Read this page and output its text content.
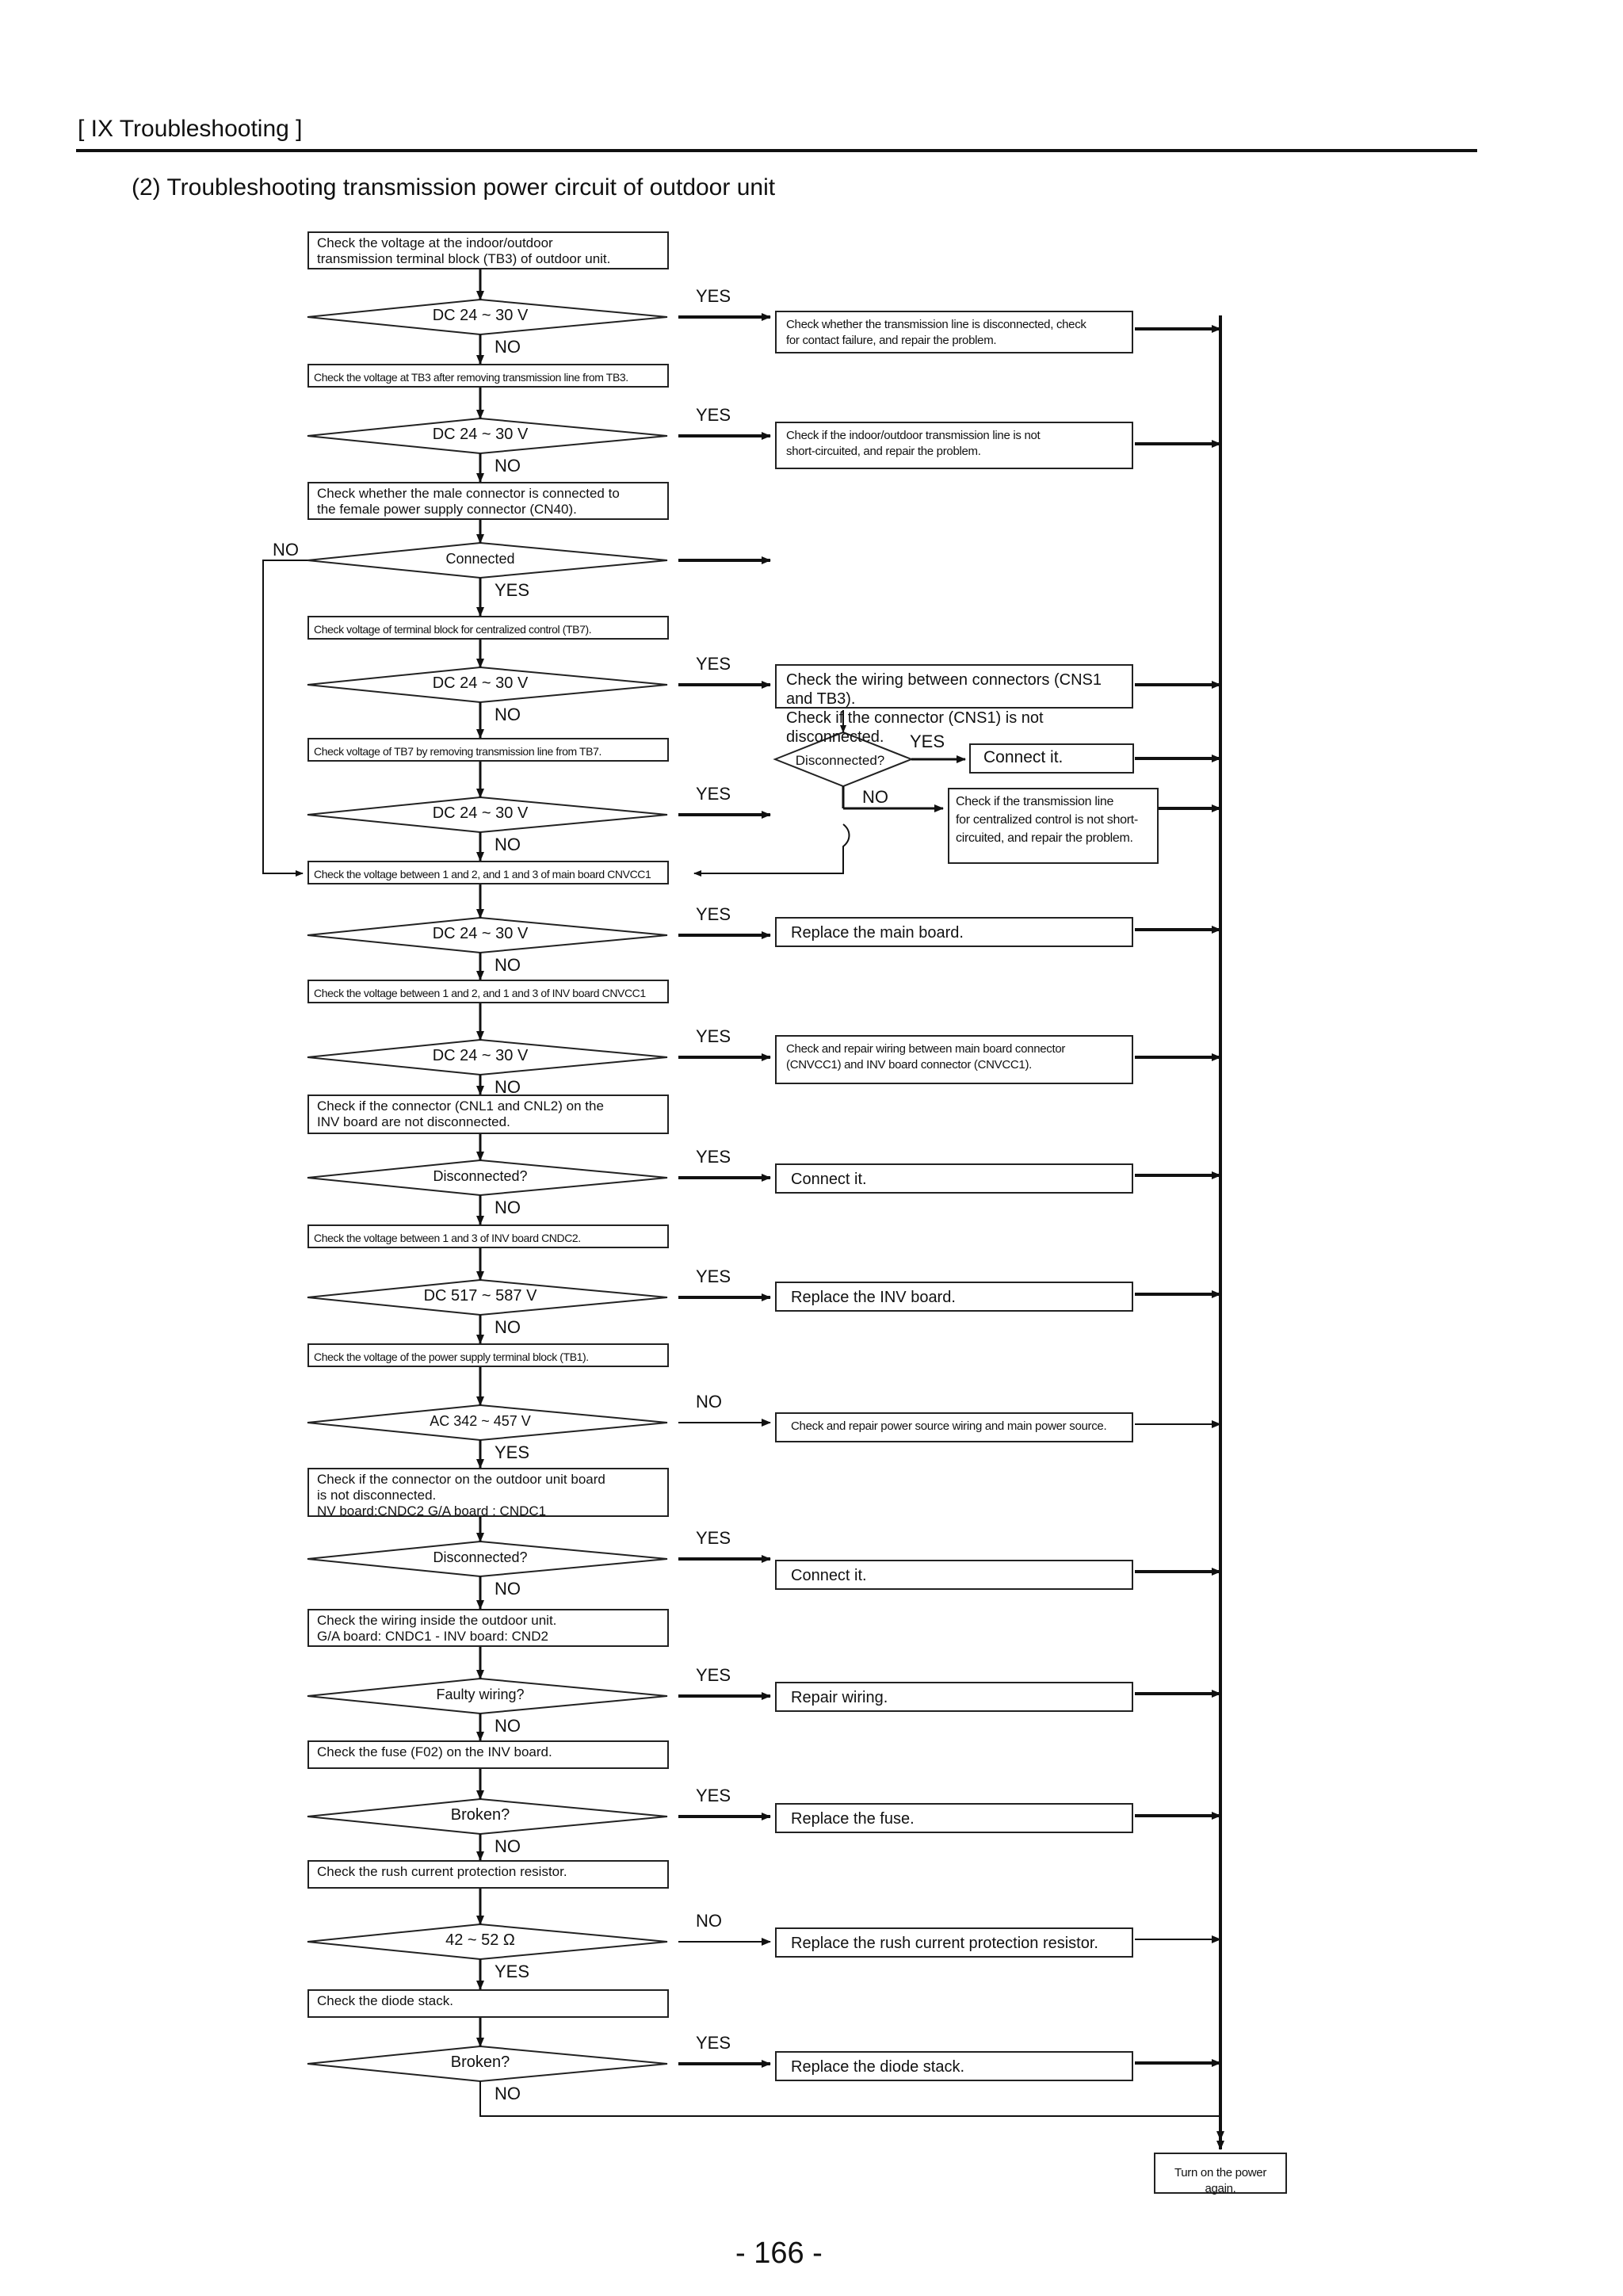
[ IX Troubleshooting ]
(2) Troubleshooting transmission power circuit of outdoor unit
Check the voltage at the indoor/outdoor
transmission terminal block (TB3) of outdoor unit.
Check the voltage at TB3 after removing transmission line from TB3.
Check whether the male connector is connected to
the female power supply connector (CN40).
Check voltage of terminal block for centralized control (TB7).
Check voltage of TB7 by removing transmission line from TB7.
Check the voltage between 1 and 2, and 1 and 3 of main board CNVCC1
Check the voltage between 1 and 2, and 1 and 3 of INV board CNVCC1
Check if the connector (CNL1 and CNL2) on the
INV board are not disconnected.
Check the voltage between 1 and 3 of INV board CNDC2.
Check the voltage of the power supply terminal block (TB1).
Check if the connector on the outdoor unit board
is not disconnected.
NV board:CNDC2 G/A board : CNDC1
Check the wiring inside the outdoor unit.
G/A board: CNDC1 - INV board: CND2
Check the fuse (F02) on the INV board.
Check the rush current protection resistor.
Check the diode stack.
DC 24 ~ 30 V
DC 24 ~ 30 V
Connected
DC 24 ~ 30 V
DC 24 ~ 30 V
DC 24 ~ 30 V
DC 24 ~ 30 V
Disconnected?
DC 517 ~ 587 V
AC 342 ~ 457 V
Disconnected?
Faulty wiring?
Broken?
42 ~ 52 Ω
Broken?
Check whether the transmission line is disconnected, check
for contact failure, and repair the problem.
Check if the indoor/outdoor transmission line is not
short-circuited, and repair the problem.
Check the wiring between connectors (CNS1 and TB3).
Check if the connector (CNS1) is not disconnected.
Replace the main board.
Check and repair wiring between main board connector
(CNVCC1) and INV board connector (CNVCC1).
Connect it.
Replace the INV board.
Check and repair power source wiring and main power source.
Connect it.
Repair wiring.
Replace the fuse.
Replace the rush current protection resistor.
Replace the diode stack.
YES
YES
YES
YES
YES
YES
YES
YES
NO
YES
YES
YES
NO
YES
NO
NO
YES
NO
NO
NO
NO
NO
NO
YES
NO
NO
NO
YES
NO
Connect it.
Check if the transmission line
for centralized control is not short-
circuited, and repair the problem.
Disconnected?
NO
YES
NO
Turn on the power again.
- 166 -
